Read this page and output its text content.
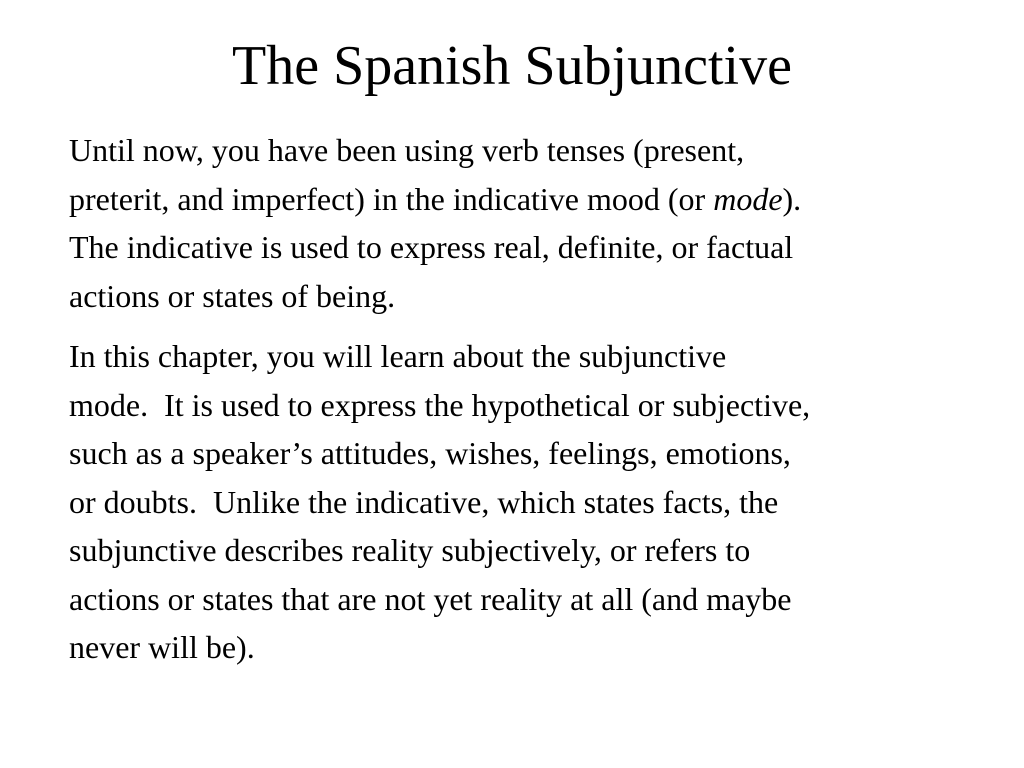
The Spanish Subjunctive

Until now, you have been using verb tenses (present,
preterit, and imperfect) in the indicative mood (or mode).
The indicative is used to express real, definite, or factual
actions or states of being.

In this chapter, you will learn about the subjunctive
mode.  It is used to express the hypothetical or subjective,
such as a speaker’s attitudes, wishes, feelings, emotions,
or doubts.  Unlike the indicative, which states facts, the
subjunctive describes reality subjectively, or refers to
actions or states that are not yet reality at all (and maybe
never will be).
